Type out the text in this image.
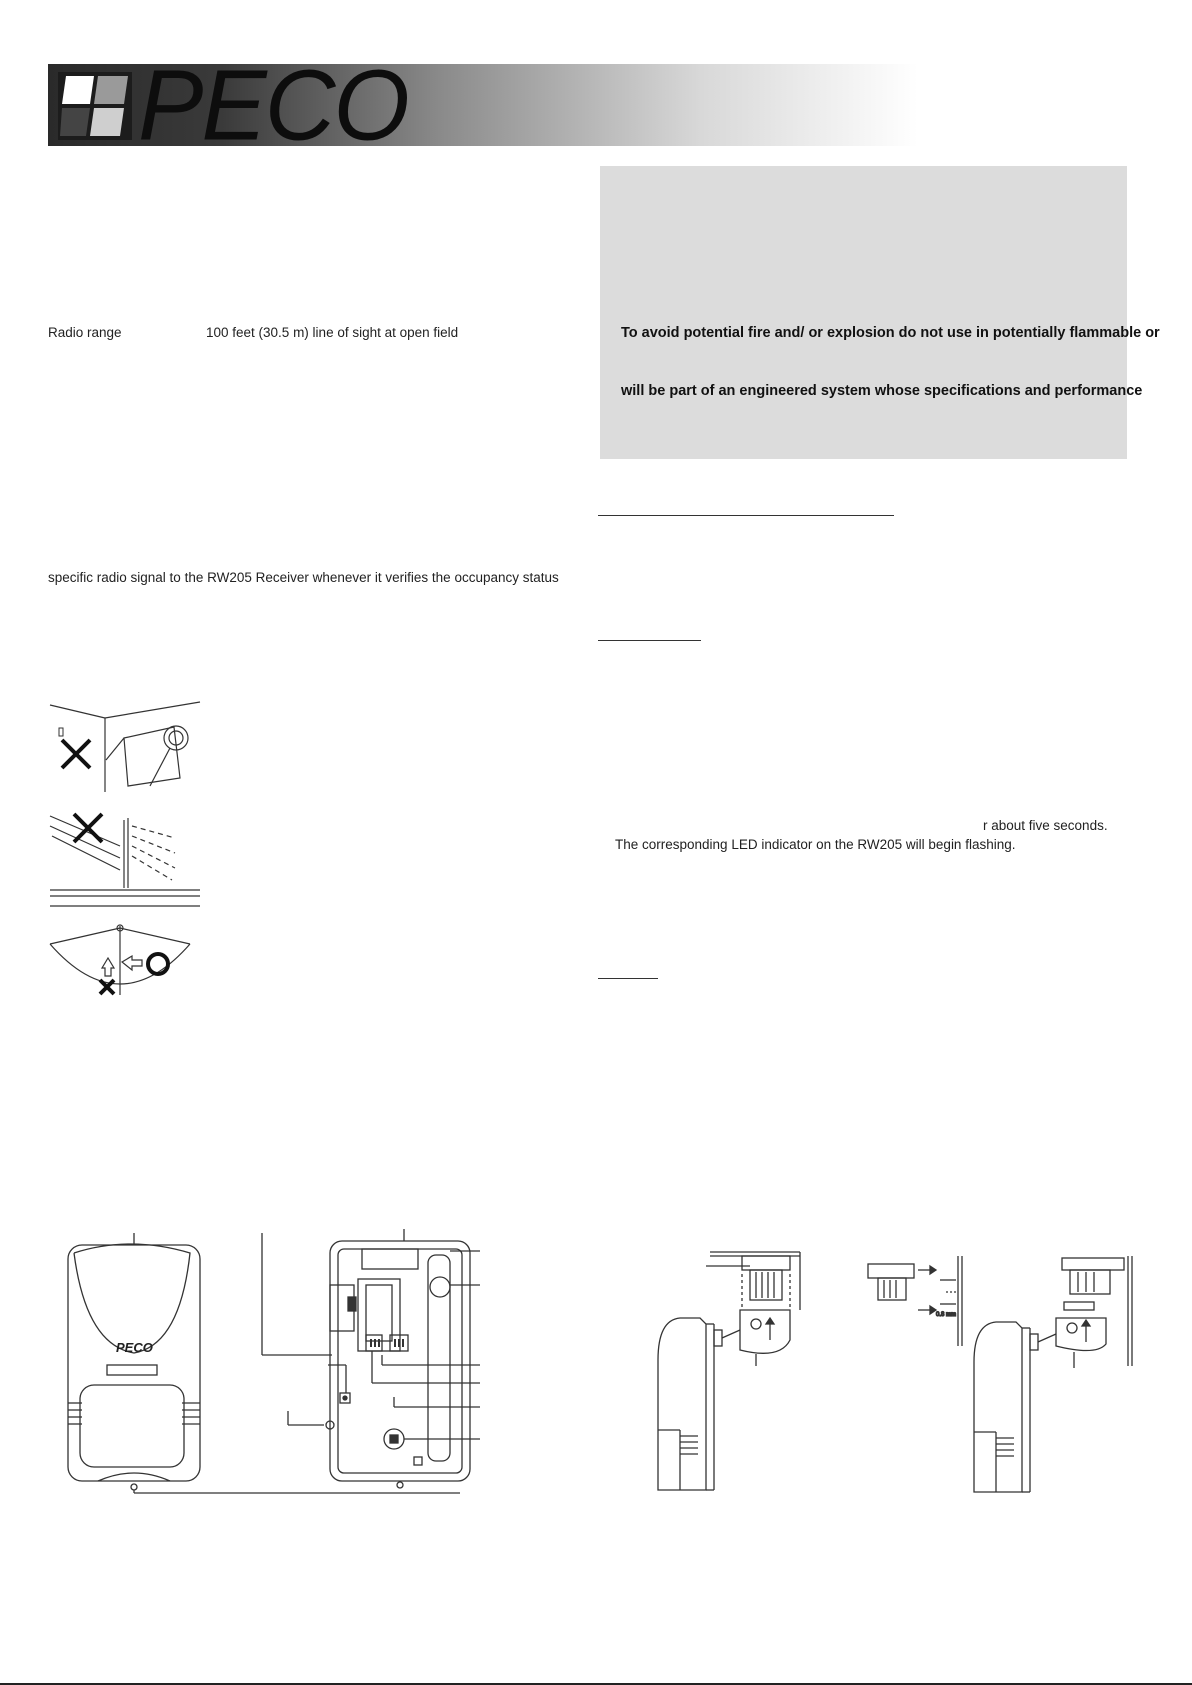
PECO
Radio range	100 feet (30.5 m) line of sight at open field
specific radio signal to the RW205 Receiver whenever it verifies the occupancy status
To avoid potential fire and/ or explosion do not use in potentially flammable or
will be part of an engineered system whose specifications and performance
r about five seconds.
The corresponding LED indicator on the RW205 will begin flashing.
PECO
0.8 mm
